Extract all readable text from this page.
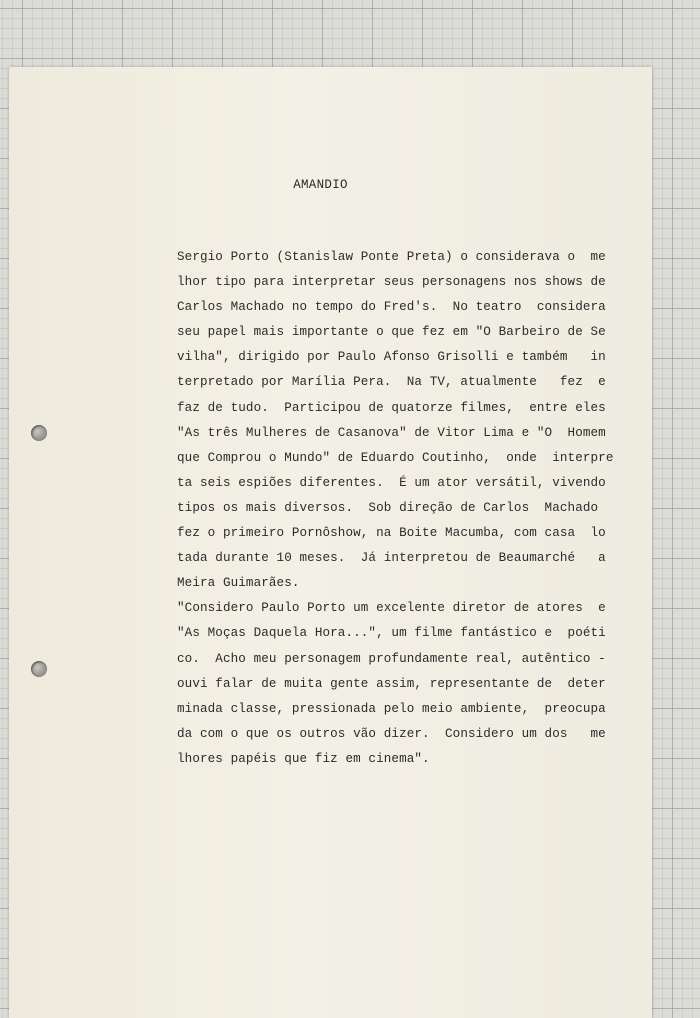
AMANDIO
Sergio Porto (Stanislaw Ponte Preta) o considerava o  me
lhor tipo para interpretar seus personagens nos shows de
Carlos Machado no tempo do Fred's.  No teatro  considera
seu papel mais importante o que fez em "O Barbeiro de Se
vilha", dirigido por Paulo Afonso Grisolli e também   in
terpretado por Marília Pera.  Na TV, atualmente   fez  e
faz de tudo.  Participou de quatorze filmes,  entre eles
"As três Mulheres de Casanova" de Vitor Lima e "O  Homem
que Comprou o Mundo" de Eduardo Coutinho,  onde  interpre
ta seis espiões diferentes.  É um ator versátil, vivendo
tipos os mais diversos.  Sob direção de Carlos  Machado
fez o primeiro Pornôshow, na Boite Macumba, com casa  lo
tada durante 10 meses.  Já interpretou de Beaumarché   a
Meira Guimarães.
"Considero Paulo Porto um excelente diretor de atores  e
"As Moças Daquela Hora...", um filme fantástico e  poéti
co.  Acho meu personagem profundamente real, autêntico -
ouvi falar de muita gente assim, representante de  deter
minada classe, pressionada pelo meio ambiente,  preocupa
da com o que os outros vão dizer.  Considero um dos   me
lhores papéis que fiz em cinema".
